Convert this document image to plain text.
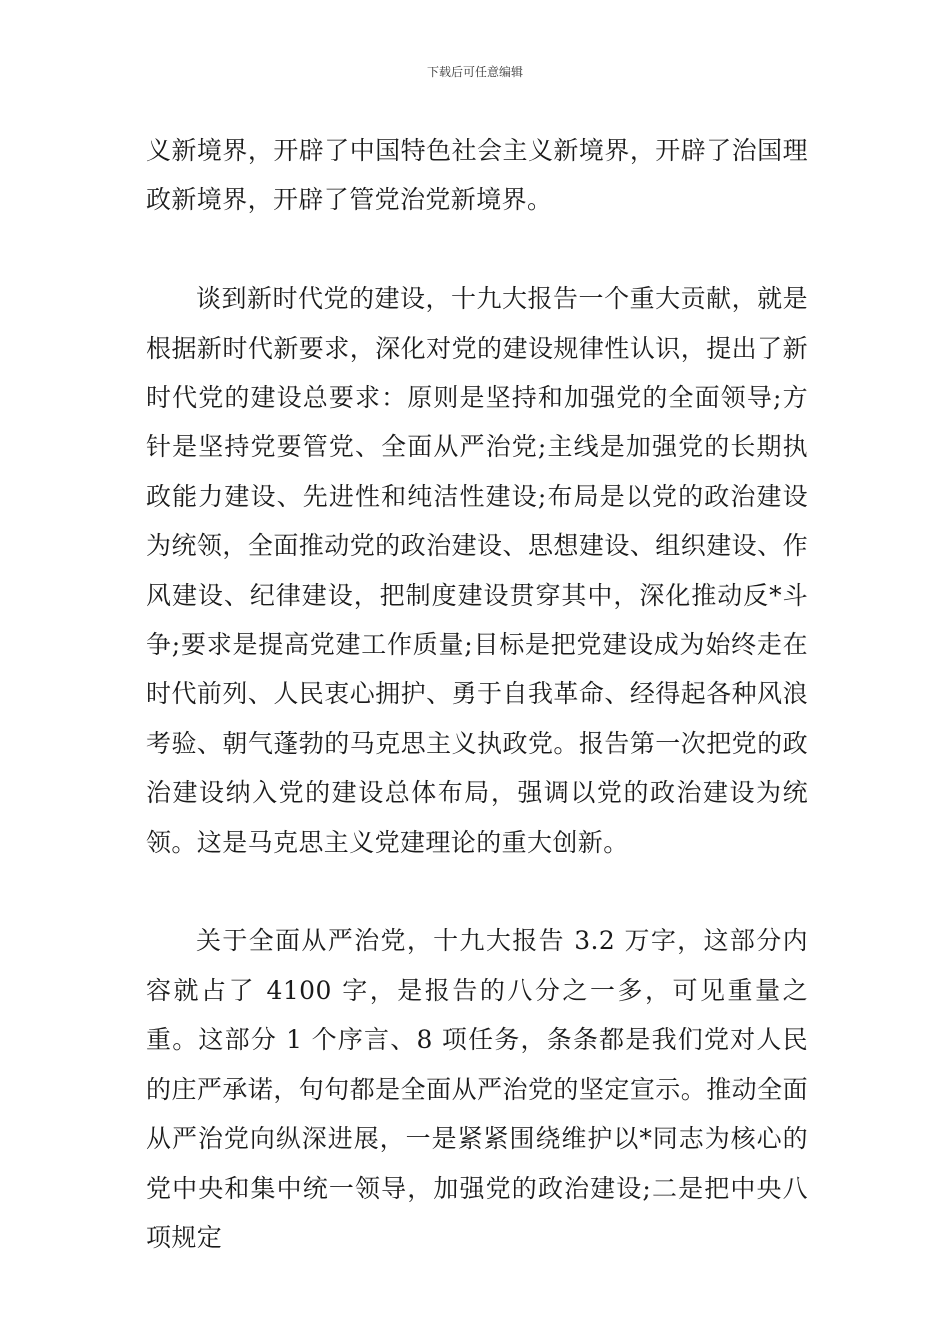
下载后可任意编辑

义新境界，开辟了中国特色社会主义新境界，开辟了治国理政新境界，开辟了管党治党新境界。

谈到新时代党的建设，十九大报告一个重大贡献，就是根据新时代新要求，深化对党的建设规律性认识，提出了新时代党的建设总要求：原则是坚持和加强党的全面领导;方针是坚持党要管党、全面从严治党;主线是加强党的长期执政能力建设、先进性和纯洁性建设;布局是以党的政治建设为统领，全面推动党的政治建设、思想建设、组织建设、作风建设、纪律建设，把制度建设贯穿其中，深化推动反*斗争;要求是提高党建工作质量;目标是把党建设成为始终走在时代前列、人民衷心拥护、勇于自我革命、经得起各种风浪考验、朝气蓬勃的马克思主义执政党。报告第一次把党的政治建设纳入党的建设总体布局，强调以党的政治建设为统领。这是马克思主义党建理论的重大创新。

关于全面从严治党，十九大报告 3.2 万字，这部分内容就占了 4100 字，是报告的八分之一多，可见重量之重。这部分 1 个序言、8 项任务，条条都是我们党对人民的庄严承诺，句句都是全面从严治党的坚定宣示。推动全面从严治党向纵深进展，一是紧紧围绕维护以*同志为核心的党中央和集中统一领导，加强党的政治建设;二是把中央八项规定
